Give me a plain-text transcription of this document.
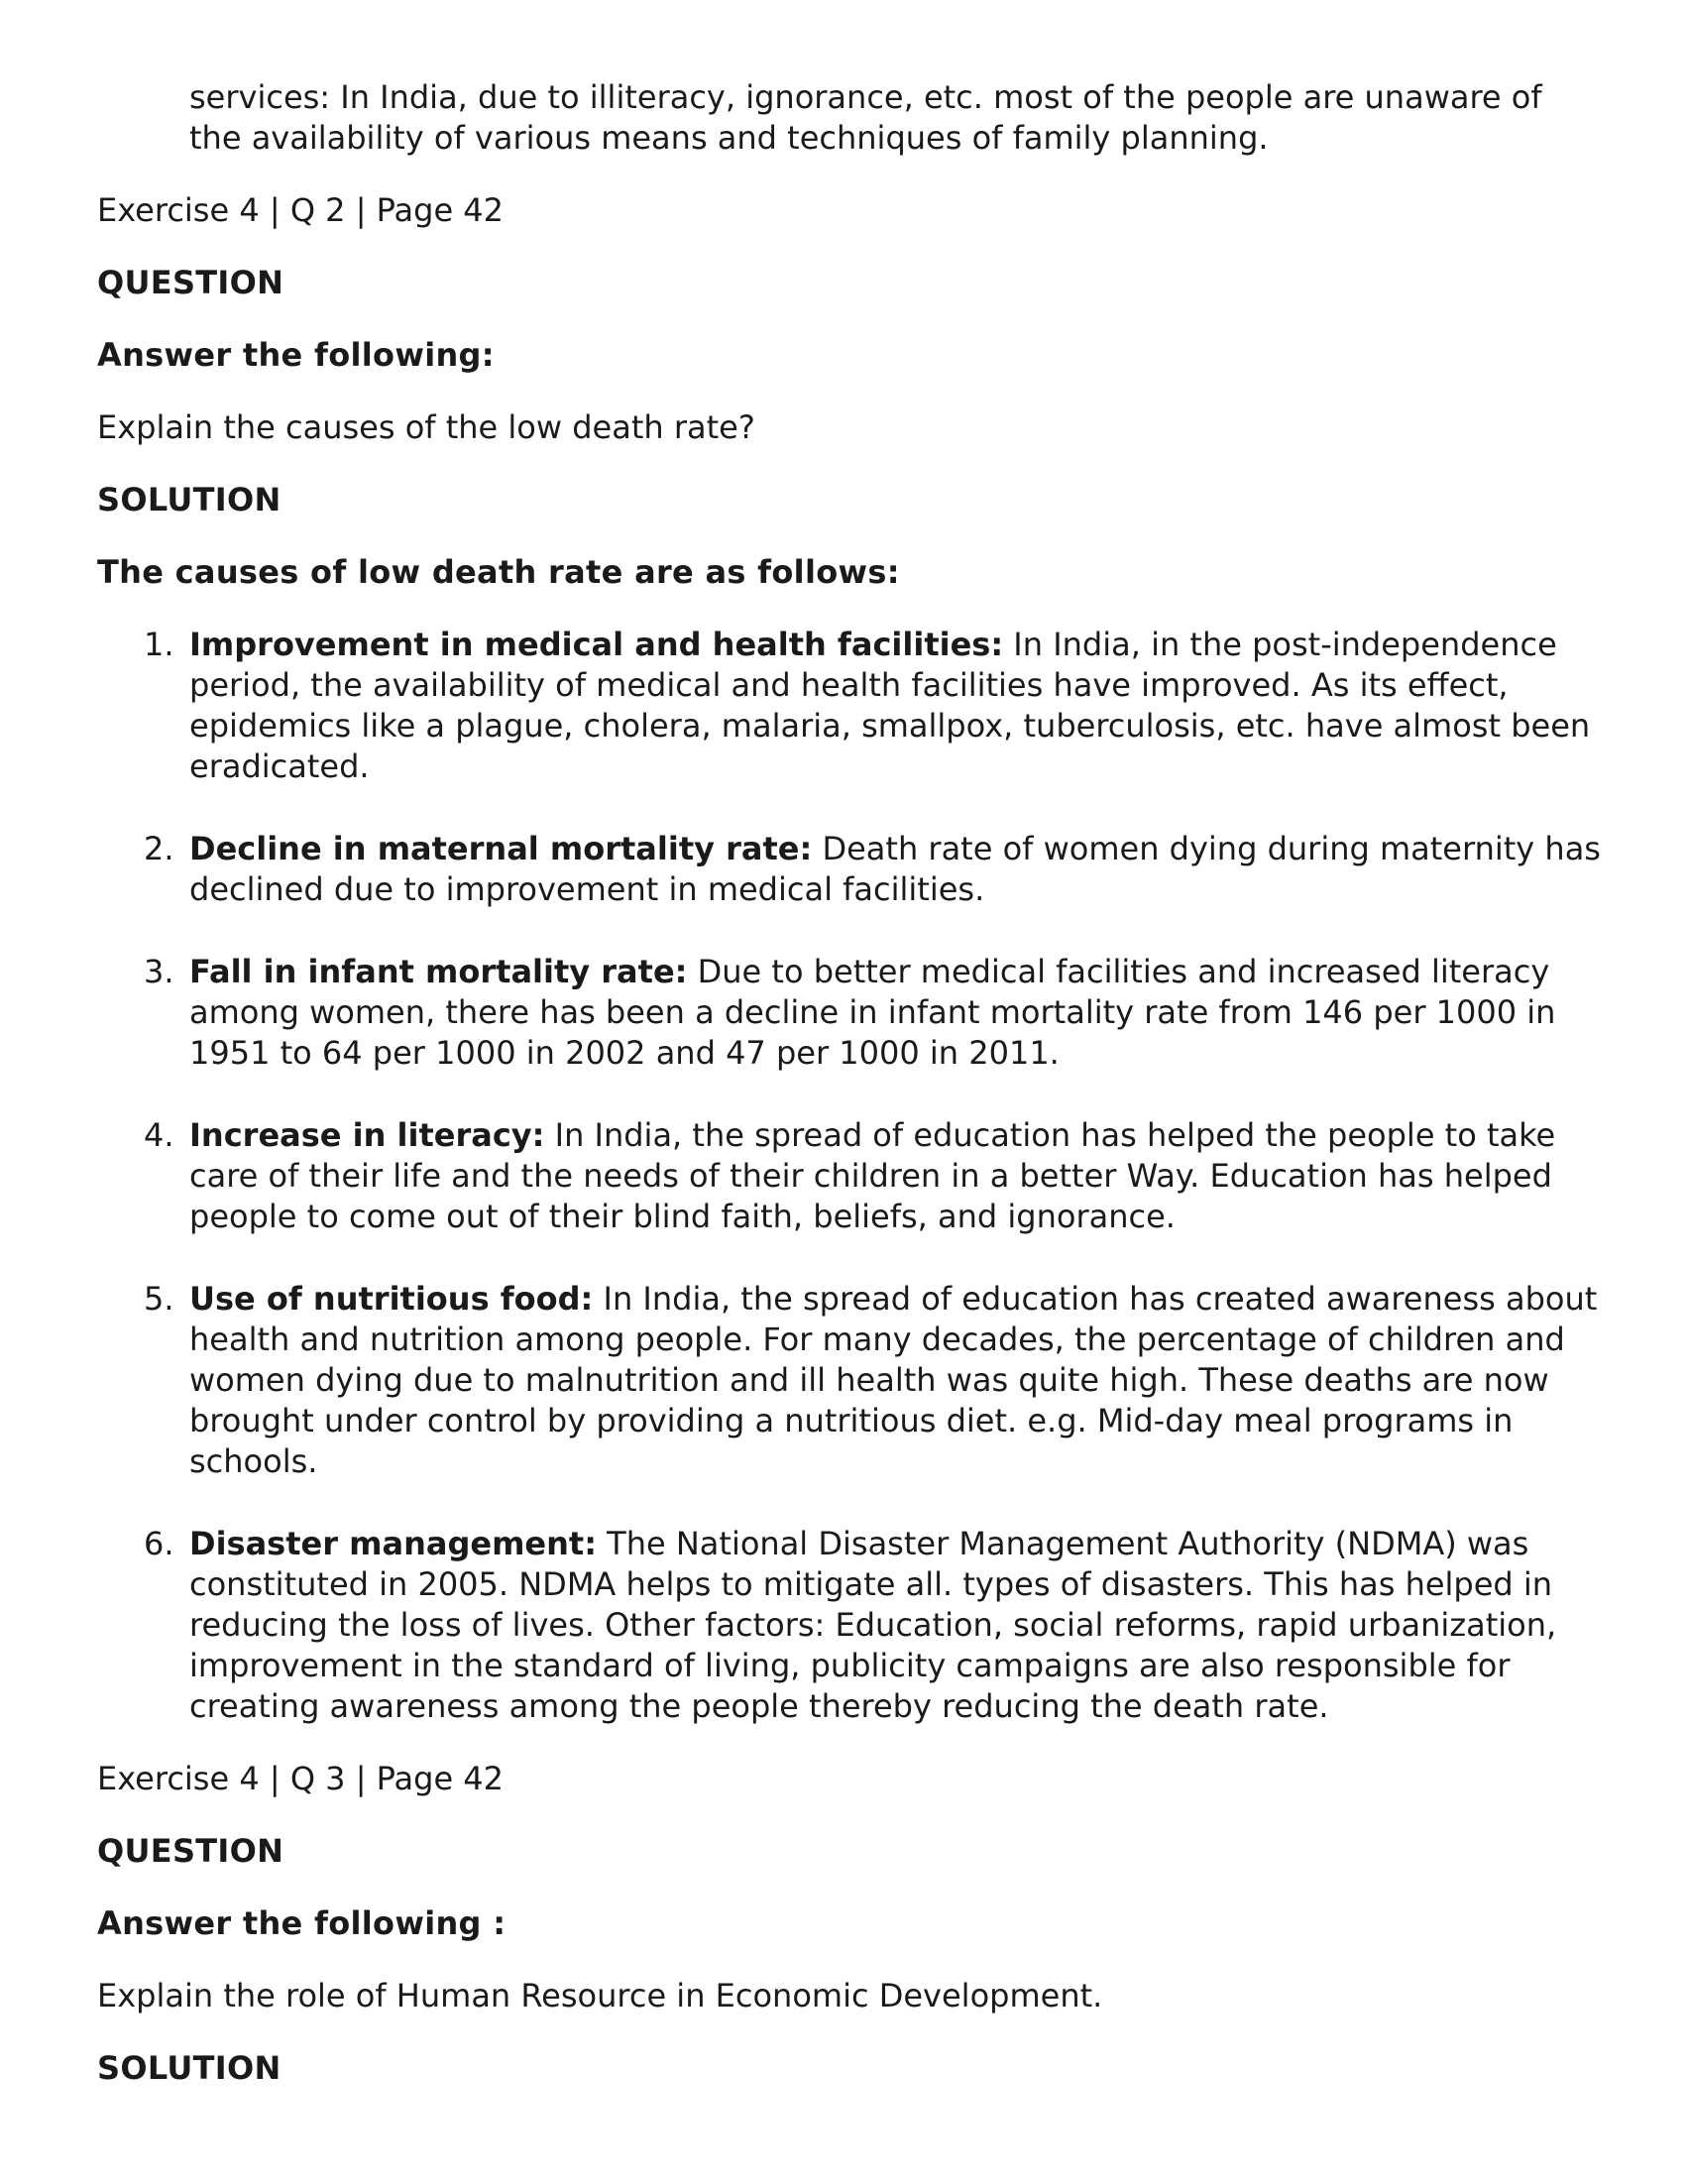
services: In India, due to illiteracy, ignorance, etc. most of the people are unaware of the availability of various means and techniques of family planning.

Exercise 4 | Q 2 | Page 42

QUESTION

Answer the following:

Explain the causes of the low death rate?

SOLUTION

The causes of low death rate are as follows:

1. Improvement in medical and health facilities: In India, in the post-independence period, the availability of medical and health facilities have improved. As its effect, epidemics like a plague, cholera, malaria, smallpox, tuberculosis, etc. have almost been eradicated.
2. Decline in maternal mortality rate: Death rate of women dying during maternity has declined due to improvement in medical facilities.
3. Fall in infant mortality rate: Due to better medical facilities and increased literacy among women, there has been a decline in infant mortality rate from 146 per 1000 in 1951 to 64 per 1000 in 2002 and 47 per 1000 in 2011.
4. Increase in literacy: In India, the spread of education has helped the people to take care of their life and the needs of their children in a better Way. Education has helped people to come out of their blind faith, beliefs, and ignorance.
5. Use of nutritious food: In India, the spread of education has created awareness about health and nutrition among people. For many decades, the percentage of children and women dying due to malnutrition and ill health was quite high. These deaths are now brought under control by providing a nutritious diet. e.g. Mid-day meal programs in schools.
6. Disaster management: The National Disaster Management Authority (NDMA) was constituted in 2005. NDMA helps to mitigate all. types of disasters. This has helped in reducing the loss of lives. Other factors: Education, social reforms, rapid urbanization, improvement in the standard of living, publicity campaigns are also responsible for creating awareness among the people thereby reducing the death rate.

Exercise 4 | Q 3 | Page 42

QUESTION

Answer the following :

Explain the role of Human Resource in Economic Development.

SOLUTION
